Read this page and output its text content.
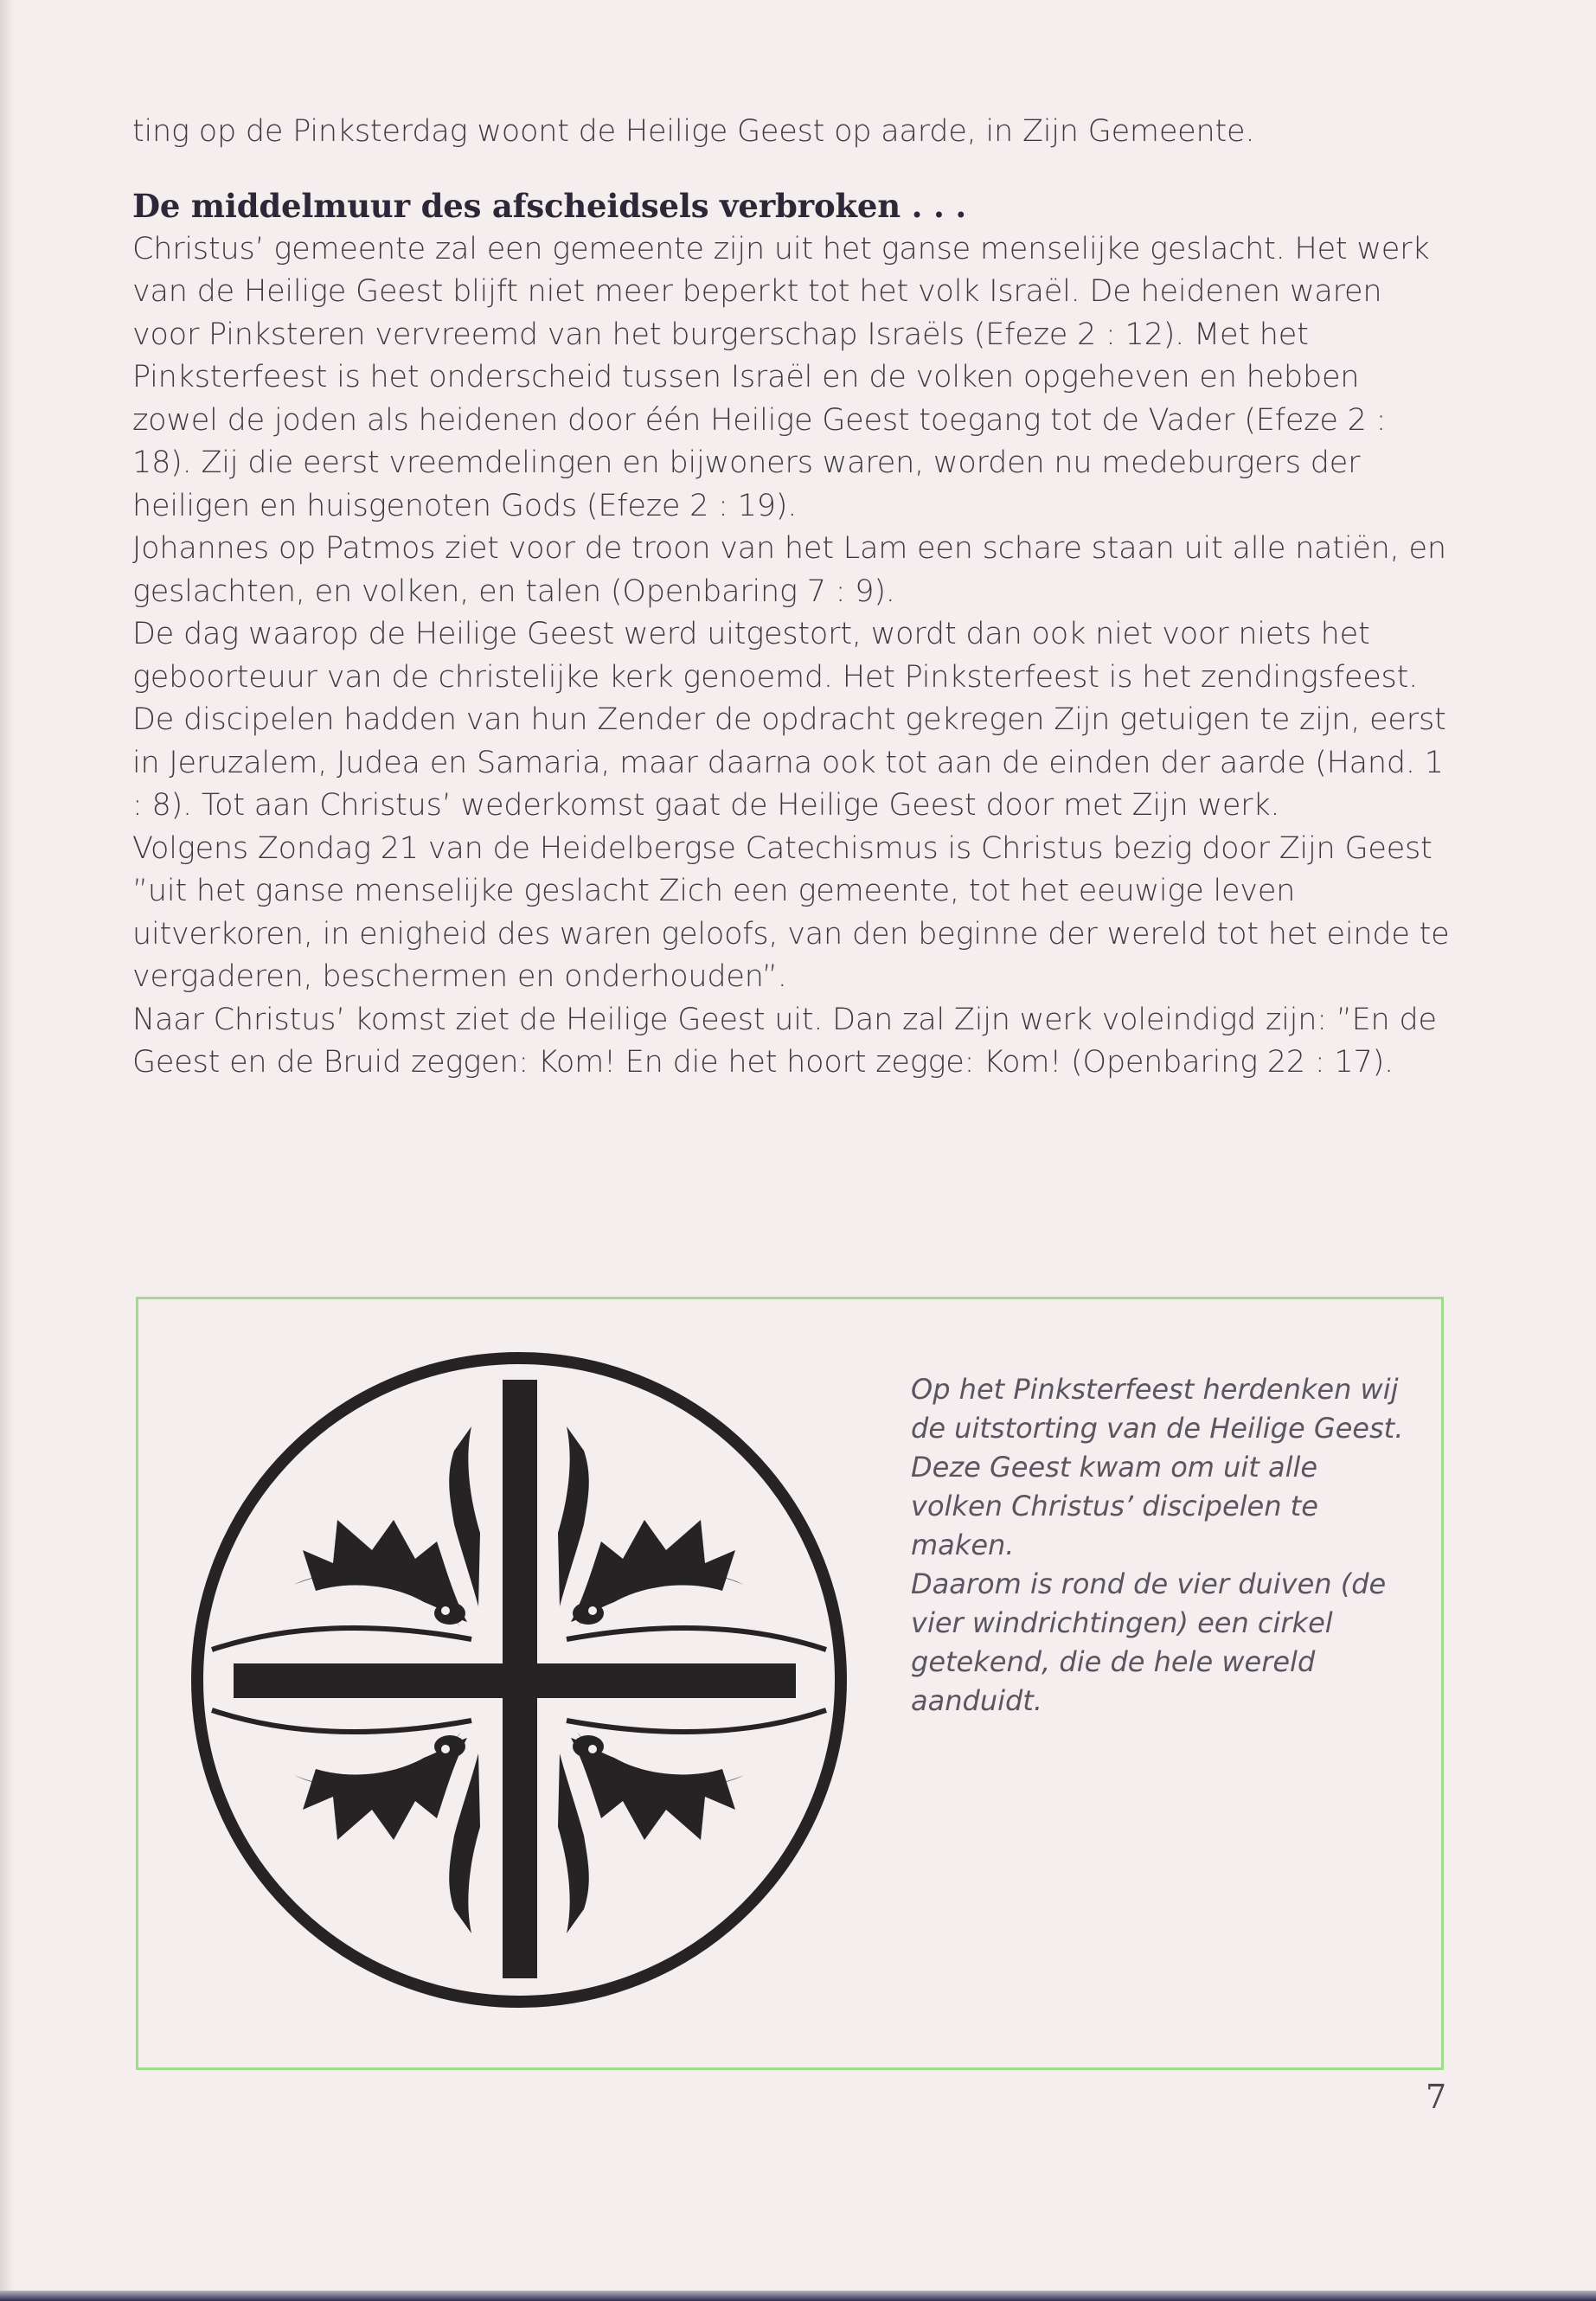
ting op de Pinksterdag woont de Heilige Geest op aarde, in Zijn Gemeente.

De middelmuur des afscheidsels verbroken . . .

Christus’ gemeente zal een gemeente zijn uit het ganse menselijke geslacht. Het werk van de Heilige Geest blijft niet meer beperkt tot het volk Israël. De heidenen waren voor Pinksteren vervreemd van het burgerschap Israëls (Efeze 2 : 12). Met het Pinksterfeest is het onderscheid tussen Israël en de volken opgeheven en hebben zowel de joden als heidenen door één Heilige Geest toegang tot de Vader (Efeze 2 : 18). Zij die eerst vreemdelingen en bijwoners waren, worden nu medeburgers der heiligen en huisgenoten Gods (Efeze 2 : 19).

Johannes op Patmos ziet voor de troon van het Lam een schare staan uit alle natiën, en geslachten, en volken, en talen (Openbaring 7 : 9).

De dag waarop de Heilige Geest werd uitgestort, wordt dan ook niet voor niets het geboorteuur van de christelijke kerk genoemd. Het Pinksterfeest is het zendingsfeest. De discipelen hadden van hun Zender de opdracht gekregen Zijn getuigen te zijn, eerst in Jeruzalem, Judea en Samaria, maar daarna ook tot aan de einden der aarde (Hand. 1 : 8). Tot aan Christus’ wederkomst gaat de Heilige Geest door met Zijn werk.

Volgens Zondag 21 van de Heidelbergse Catechismus is Christus bezig door Zijn Geest ”uit het ganse menselijke geslacht Zich een gemeente, tot het eeuwige leven uitverkoren, in enigheid des waren geloofs, van den beginne der wereld tot het einde te vergaderen, beschermen en onderhouden”.

Naar Christus’ komst ziet de Heilige Geest uit. Dan zal Zijn werk voleindigd zijn: ”En de Geest en de Bruid zeggen: Kom! En die het hoort zegge: Kom! (Openbaring 22 : 17).

Op het Pinksterfeest herdenken wij de uitstorting van de Heilige Geest. Deze Geest kwam om uit alle volken Christus’ discipelen te maken.

Daarom is rond de vier duiven (de vier windrichtingen) een cirkel getekend, die de hele wereld aanduidt.

7
